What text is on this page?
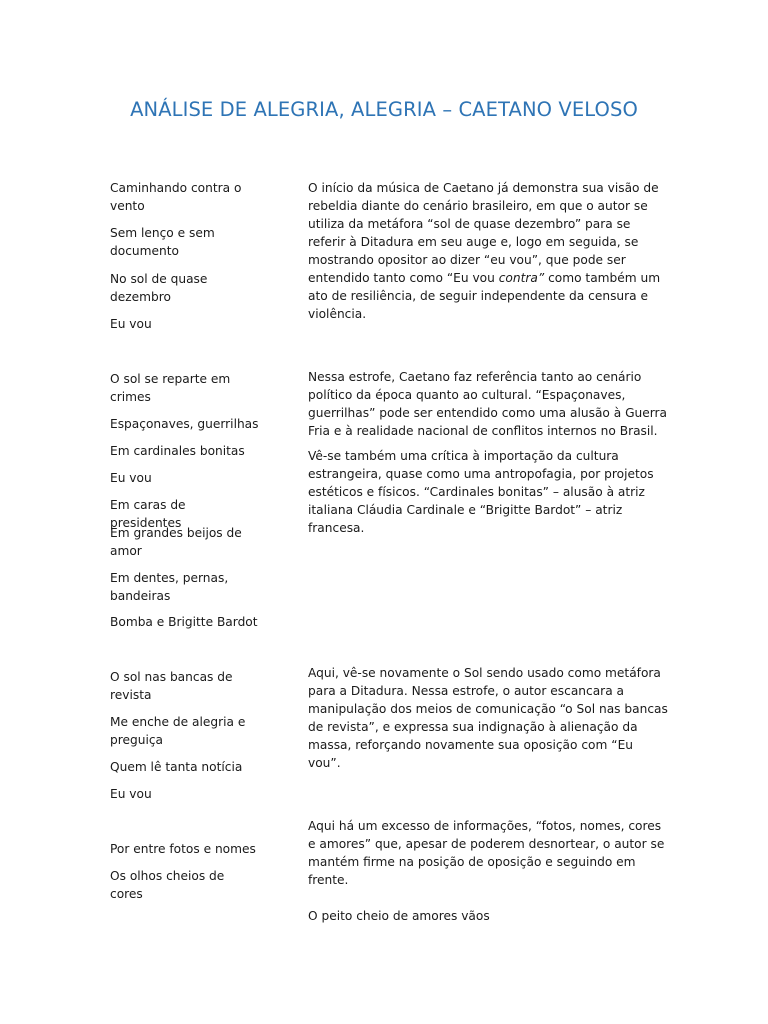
ANÁLISE DE ALEGRIA, ALEGRIA – CAETANO VELOSO

Caminhando contra o vento

Sem lenço e sem documento

No sol de quase dezembro

Eu vou

O início da música de Caetano já demonstra sua visão de rebeldia diante do cenário brasileiro, em que o autor se utiliza da metáfora “sol de quase dezembro” para se referir à Ditadura em seu auge e, logo em seguida, se mostrando opositor ao dizer “eu vou”, que pode ser entendido tanto como “Eu vou contra” como também um ato de resiliência, de seguir independente da censura e violência.

O sol se reparte em crimes

Espaçonaves, guerrilhas

Em cardinales bonitas

Eu vou

Em caras de presidentes

Em grandes beijos de amor

Em dentes, pernas, bandeiras

Bomba e Brigitte Bardot

Nessa estrofe, Caetano faz referência tanto ao cenário político da época quanto ao cultural. “Espaçonaves, guerrilhas” pode ser entendido como uma alusão à Guerra Fria e à realidade nacional de conflitos internos no Brasil.

Vê-se também uma crítica à importação da cultura estrangeira, quase como uma antropofagia, por projetos estéticos e físicos. “Cardinales bonitas” – alusão à atriz italiana Cláudia Cardinale e “Brigitte Bardot” – atriz francesa.

O sol nas bancas de revista

Me enche de alegria e preguiça

Quem lê tanta notícia

Eu vou

Aqui, vê-se novamente o Sol sendo usado como metáfora para a Ditadura. Nessa estrofe, o autor escancara a manipulação dos meios de comunicação “o Sol nas bancas de revista”, e expressa sua indignação à alienação da massa, reforçando novamente sua oposição com “Eu vou”.

Por entre fotos e nomes

Os olhos cheios de cores

Aqui há um excesso de informações, “fotos, nomes, cores e amores” que, apesar de poderem desnortear, o autor se mantém firme na posição de oposição e seguindo em frente.

O peito cheio de amores vãos
